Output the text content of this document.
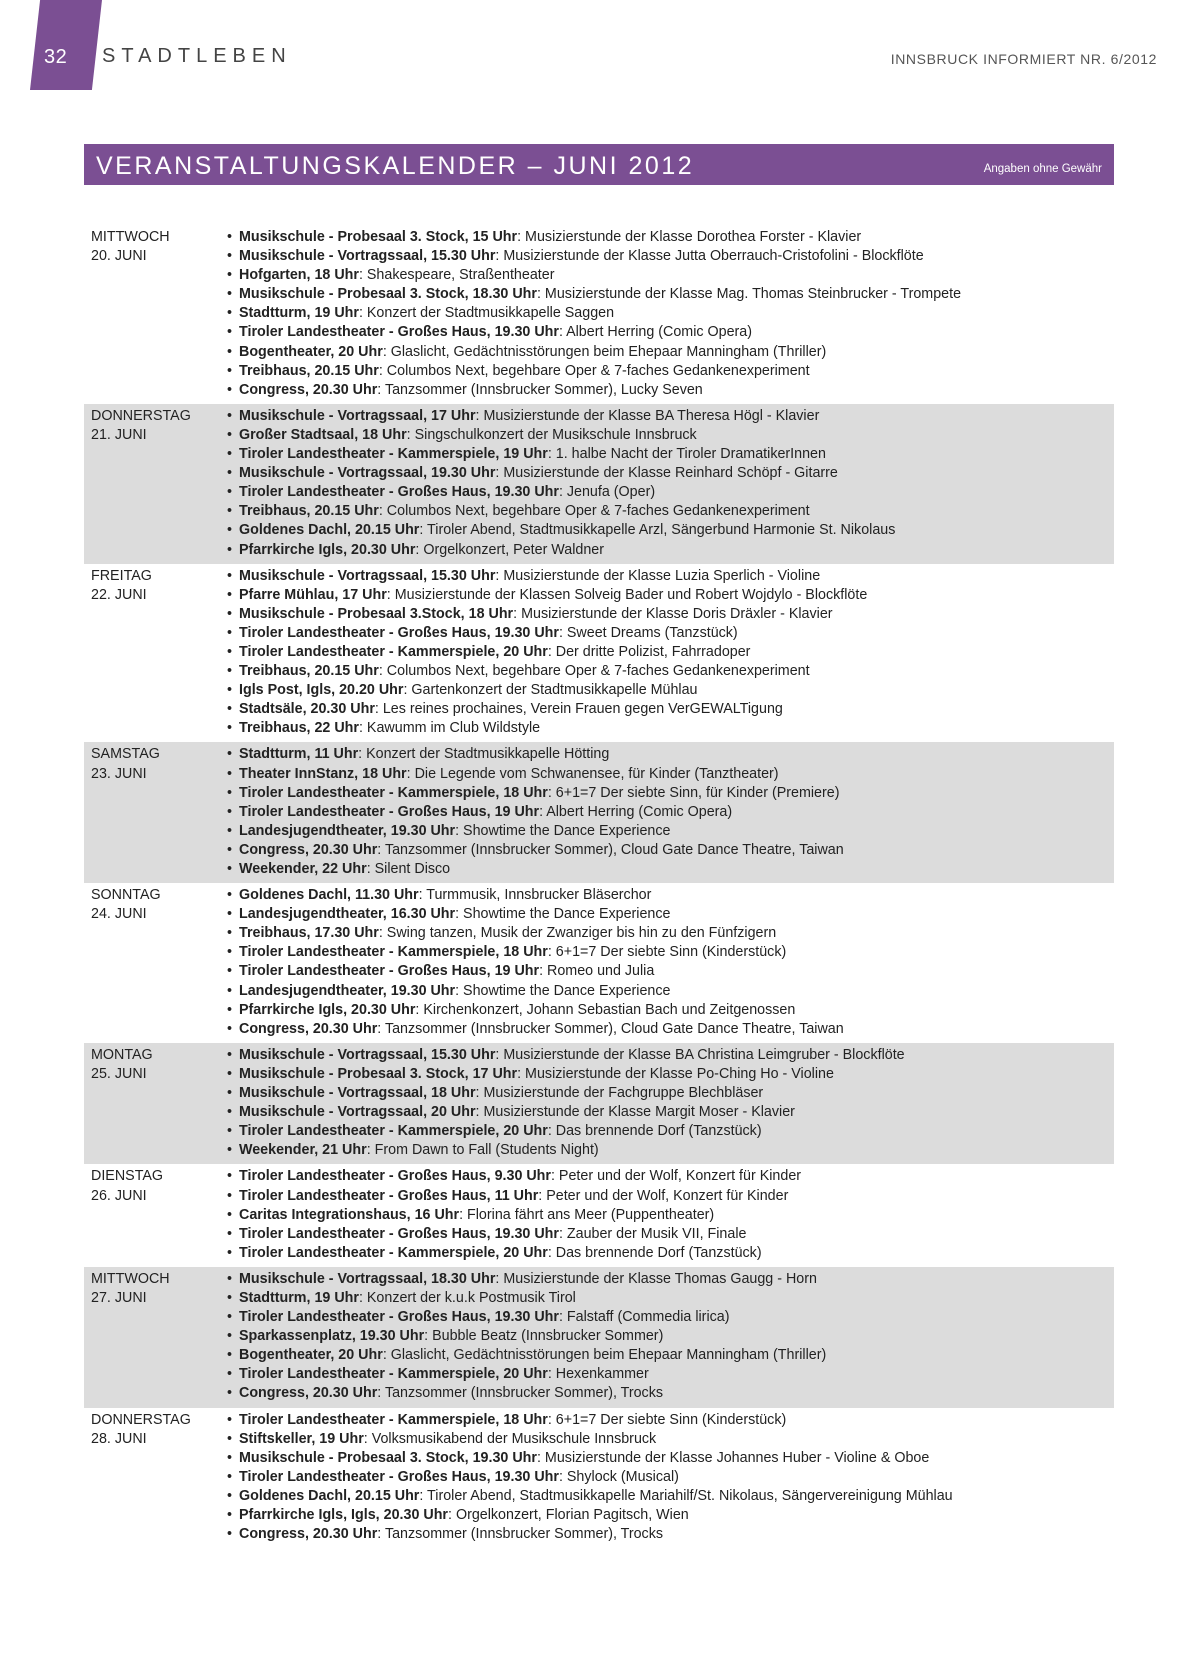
32 STADTLEBEN	INNSBRUCK INFORMIERT NR. 6/2012
VERANSTALTUNGSKALENDER – JUNI 2012	Angaben ohne Gewähr
MITTWOCH
20. JUNI
• Musikschule - Probesaal 3. Stock, 15 Uhr: Musizierstunde der Klasse Dorothea Forster - Klavier
• Musikschule - Vortragssaal, 15.30 Uhr: Musizierstunde der Klasse Jutta Oberrauch-Cristofolini - Blockflöte
• Hofgarten, 18 Uhr: Shakespeare, Straßentheater
• Musikschule - Probesaal 3. Stock, 18.30 Uhr: Musizierstunde der Klasse Mag. Thomas Steinbrucker - Trompete
• Stadtturm, 19 Uhr: Konzert der Stadtmusikkapelle Saggen
• Tiroler Landestheater - Großes Haus, 19.30 Uhr: Albert Herring (Comic Opera)
• Bogentheater, 20 Uhr: Glaslicht, Gedächtnisstörungen beim Ehepaar Manningham (Thriller)
• Treibhaus, 20.15 Uhr: Columbos Next, begehbare Oper & 7-faches Gedankenexperiment
• Congress, 20.30 Uhr: Tanzsommer (Innsbrucker Sommer), Lucky Seven
DONNERSTAG
21. JUNI
• Musikschule - Vortragssaal, 17 Uhr: Musizierstunde der Klasse BA Theresa Högl - Klavier
• Großer Stadtsaal, 18 Uhr: Singschulkonzert der Musikschule Innsbruck
• Tiroler Landestheater - Kammerspiele, 19 Uhr: 1. halbe Nacht der Tiroler DramatikerInnen
• Musikschule - Vortragssaal, 19.30 Uhr: Musizierstunde der Klasse Reinhard Schöpf - Gitarre
• Tiroler Landestheater - Großes Haus, 19.30 Uhr: Jenufa (Oper)
• Treibhaus, 20.15 Uhr: Columbos Next, begehbare Oper & 7-faches Gedankenexperiment
• Goldenes Dachl, 20.15 Uhr: Tiroler Abend, Stadtmusikkapelle Arzl, Sängerbund Harmonie St. Nikolaus
• Pfarrkirche Igls, 20.30 Uhr: Orgelkonzert, Peter Waldner
FREITAG
22. JUNI
• Musikschule - Vortragssaal, 15.30 Uhr: Musizierstunde der Klasse Luzia Sperlich - Violine
• Pfarre Mühlau, 17 Uhr: Musizierstunde der Klassen Solveig Bader und Robert Wojdylo - Blockflöte
• Musikschule - Probesaal 3.Stock, 18 Uhr: Musizierstunde der Klasse Doris Dräxler - Klavier
• Tiroler Landestheater - Großes Haus, 19.30 Uhr: Sweet Dreams (Tanzstück)
• Tiroler Landestheater - Kammerspiele, 20 Uhr: Der dritte Polizist, Fahrradoper
• Treibhaus, 20.15 Uhr: Columbos Next, begehbare Oper & 7-faches Gedankenexperiment
• Igls Post, Igls, 20.20 Uhr: Gartenkonzert der Stadtmusikkapelle Mühlau
• Stadtsäle, 20.30 Uhr: Les reines prochaines, Verein Frauen gegen VerGEWALTigung
• Treibhaus, 22 Uhr: Kawumm im Club Wildstyle
SAMSTAG
23. JUNI
• Stadtturm, 11 Uhr: Konzert der Stadtmusikkapelle Hötting
• Theater InnStanz, 18 Uhr: Die Legende vom Schwanensee, für Kinder (Tanztheater)
• Tiroler Landestheater - Kammerspiele, 18 Uhr: 6+1=7 Der siebte Sinn, für Kinder (Premiere)
• Tiroler Landestheater - Großes Haus, 19 Uhr: Albert Herring (Comic Opera)
• Landesjugendtheater, 19.30 Uhr: Showtime the Dance Experience
• Congress, 20.30 Uhr: Tanzsommer (Innsbrucker Sommer), Cloud Gate Dance Theatre, Taiwan
• Weekender, 22 Uhr: Silent Disco
SONNTAG
24. JUNI
• Goldenes Dachl, 11.30 Uhr: Turmmusik, Innsbrucker Bläserchor
• Landesjugendtheater, 16.30 Uhr: Showtime the Dance Experience
• Treibhaus, 17.30 Uhr: Swing tanzen, Musik der Zwanziger bis hin zu den Fünfzigern
• Tiroler Landestheater - Kammerspiele, 18 Uhr: 6+1=7 Der siebte Sinn (Kinderstück)
• Tiroler Landestheater - Großes Haus, 19 Uhr: Romeo und Julia
• Landesjugendtheater, 19.30 Uhr: Showtime the Dance Experience
• Pfarrkirche Igls, 20.30 Uhr: Kirchenkonzert, Johann Sebastian Bach und Zeitgenossen
• Congress, 20.30 Uhr: Tanzsommer (Innsbrucker Sommer), Cloud Gate Dance Theatre, Taiwan
MONTAG
25. JUNI
• Musikschule - Vortragssaal, 15.30 Uhr: Musizierstunde der Klasse BA Christina Leimgruber - Blockflöte
• Musikschule - Probesaal 3. Stock, 17 Uhr: Musizierstunde der Klasse Po-Ching Ho - Violine
• Musikschule - Vortragssaal, 18 Uhr: Musizierstunde der Fachgruppe Blechbläser
• Musikschule - Vortragssaal, 20 Uhr: Musizierstunde der Klasse Margit Moser - Klavier
• Tiroler Landestheater - Kammerspiele, 20 Uhr: Das brennende Dorf (Tanzstück)
• Weekender, 21 Uhr: From Dawn to Fall (Students Night)
DIENSTAG
26. JUNI
• Tiroler Landestheater - Großes Haus, 9.30 Uhr: Peter und der Wolf, Konzert für Kinder
• Tiroler Landestheater - Großes Haus, 11 Uhr: Peter und der Wolf, Konzert für Kinder
• Caritas Integrationshaus, 16 Uhr: Florina fährt ans Meer (Puppentheater)
• Tiroler Landestheater - Großes Haus, 19.30 Uhr: Zauber der Musik VII, Finale
• Tiroler Landestheater - Kammerspiele, 20 Uhr: Das brennende Dorf (Tanzstück)
MITTWOCH
27. JUNI
• Musikschule - Vortragssaal, 18.30 Uhr: Musizierstunde der Klasse Thomas Gaugg - Horn
• Stadtturm, 19 Uhr: Konzert der k.u.k Postmusik Tirol
• Tiroler Landestheater - Großes Haus, 19.30 Uhr: Falstaff (Commedia lirica)
• Sparkassenplatz, 19.30 Uhr: Bubble Beatz (Innsbrucker Sommer)
• Bogentheater, 20 Uhr: Glaslicht, Gedächtnisstörungen beim Ehepaar Manningham (Thriller)
• Tiroler Landestheater - Kammerspiele, 20 Uhr: Hexenkammer
• Congress, 20.30 Uhr: Tanzsommer (Innsbrucker Sommer), Trocks
DONNERSTAG
28. JUNI
• Tiroler Landestheater - Kammerspiele, 18 Uhr: 6+1=7 Der siebte Sinn (Kinderstück)
• Stiftskeller, 19 Uhr: Volksmusikabend der Musikschule Innsbruck
• Musikschule - Probesaal 3. Stock, 19.30 Uhr: Musizierstunde der Klasse Johannes Huber - Violine & Oboe
• Tiroler Landestheater - Großes Haus, 19.30 Uhr: Shylock (Musical)
• Goldenes Dachl, 20.15 Uhr: Tiroler Abend, Stadtmusikkapelle Mariahilf/St. Nikolaus, Sängervereinigung Mühlau
• Pfarrkirche Igls, Igls, 20.30 Uhr: Orgelkonzert, Florian Pagitsch, Wien
• Congress, 20.30 Uhr: Tanzsommer (Innsbrucker Sommer), Trocks
